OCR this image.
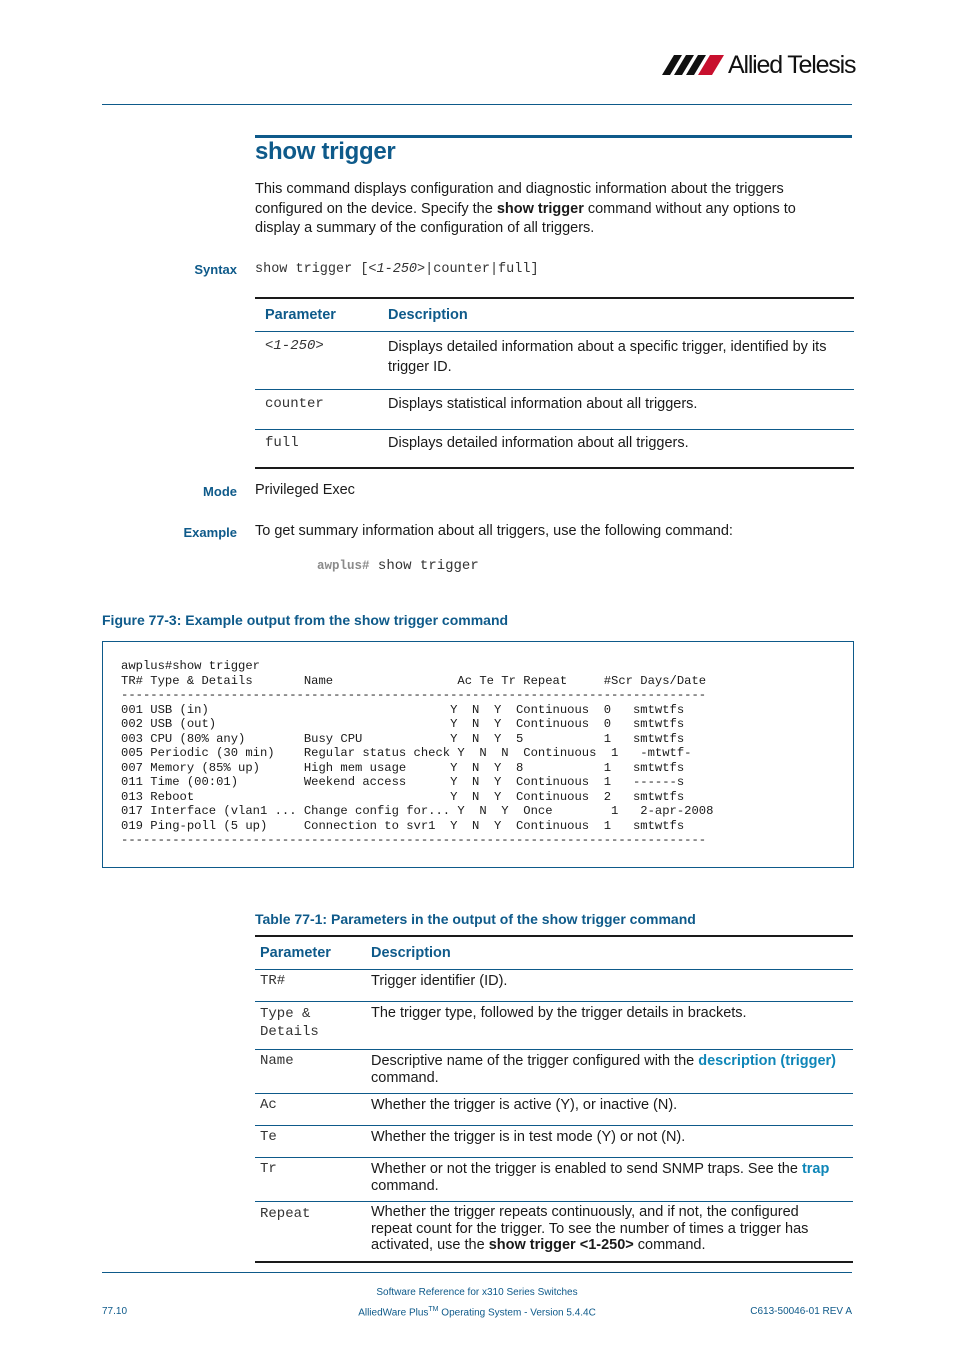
Allied Telesis
show trigger
This command displays configuration and diagnostic information about the triggers
configured on the device. Specify the show trigger command without any options to
display a summary of the configuration of all triggers.
Syntax show trigger [<1-250>|counter|full]
Parameter	Description
<1-250>	Displays detailed information about a specific trigger, identified by its trigger ID.
counter	Displays statistical information about all triggers.
full	Displays detailed information about all triggers.
Mode Privileged Exec
Example To get summary information about all triggers, use the following command:
awplus# show trigger
Figure 77-3: Example output from the show trigger command
awplus#show trigger
TR# Type & Details       Name                 Ac Te Tr Repeat     #Scr Days/Date
--------------------------------------------------------------------------------
001 USB (in)                                 Y  N  Y  Continuous  0   smtwtfs
002 USB (out)                                Y  N  Y  Continuous  0   smtwtfs
003 CPU (80% any)        Busy CPU            Y  N  Y  5           1   smtwtfs
005 Periodic (30 min)    Regular status check Y  N  N  Continuous  1   -mtwtf-
007 Memory (85% up)      High mem usage      Y  N  Y  8           1   smtwtfs
011 Time (00:01)         Weekend access      Y  N  Y  Continuous  1   ------s
013 Reboot                                   Y  N  Y  Continuous  2   smtwtfs
017 Interface (vlan1 ... Change config for... Y  N  Y  Once        1   2-apr-2008
019 Ping-poll (5 up)     Connection to svr1  Y  N  Y  Continuous  1   smtwtfs
--------------------------------------------------------------------------------
Table 77-1: Parameters in the output of the show trigger command
Parameter	Description
TR#	Trigger identifier (ID).

Type &
Details	The trigger type, followed by the trigger details in brackets.
Name	Descriptive name of the trigger configured with the description (trigger) command.
Ac	Whether the trigger is active (Y), or inactive (N).
Te	Whether the trigger is in test mode (Y) or not (N).
Tr	Whether or not the trigger is enabled to send SNMP traps. See the trap command.
Repeat	Whether the trigger repeats continuously, and if not, the configured repeat count for the trigger. To see the number of times a trigger has activated, use the show trigger <1-250> command.
77.10
Software Reference for x310 Series Switches
AlliedWare Plus™ Operating System - Version 5.4.4C	C613-50046-01 REV A
